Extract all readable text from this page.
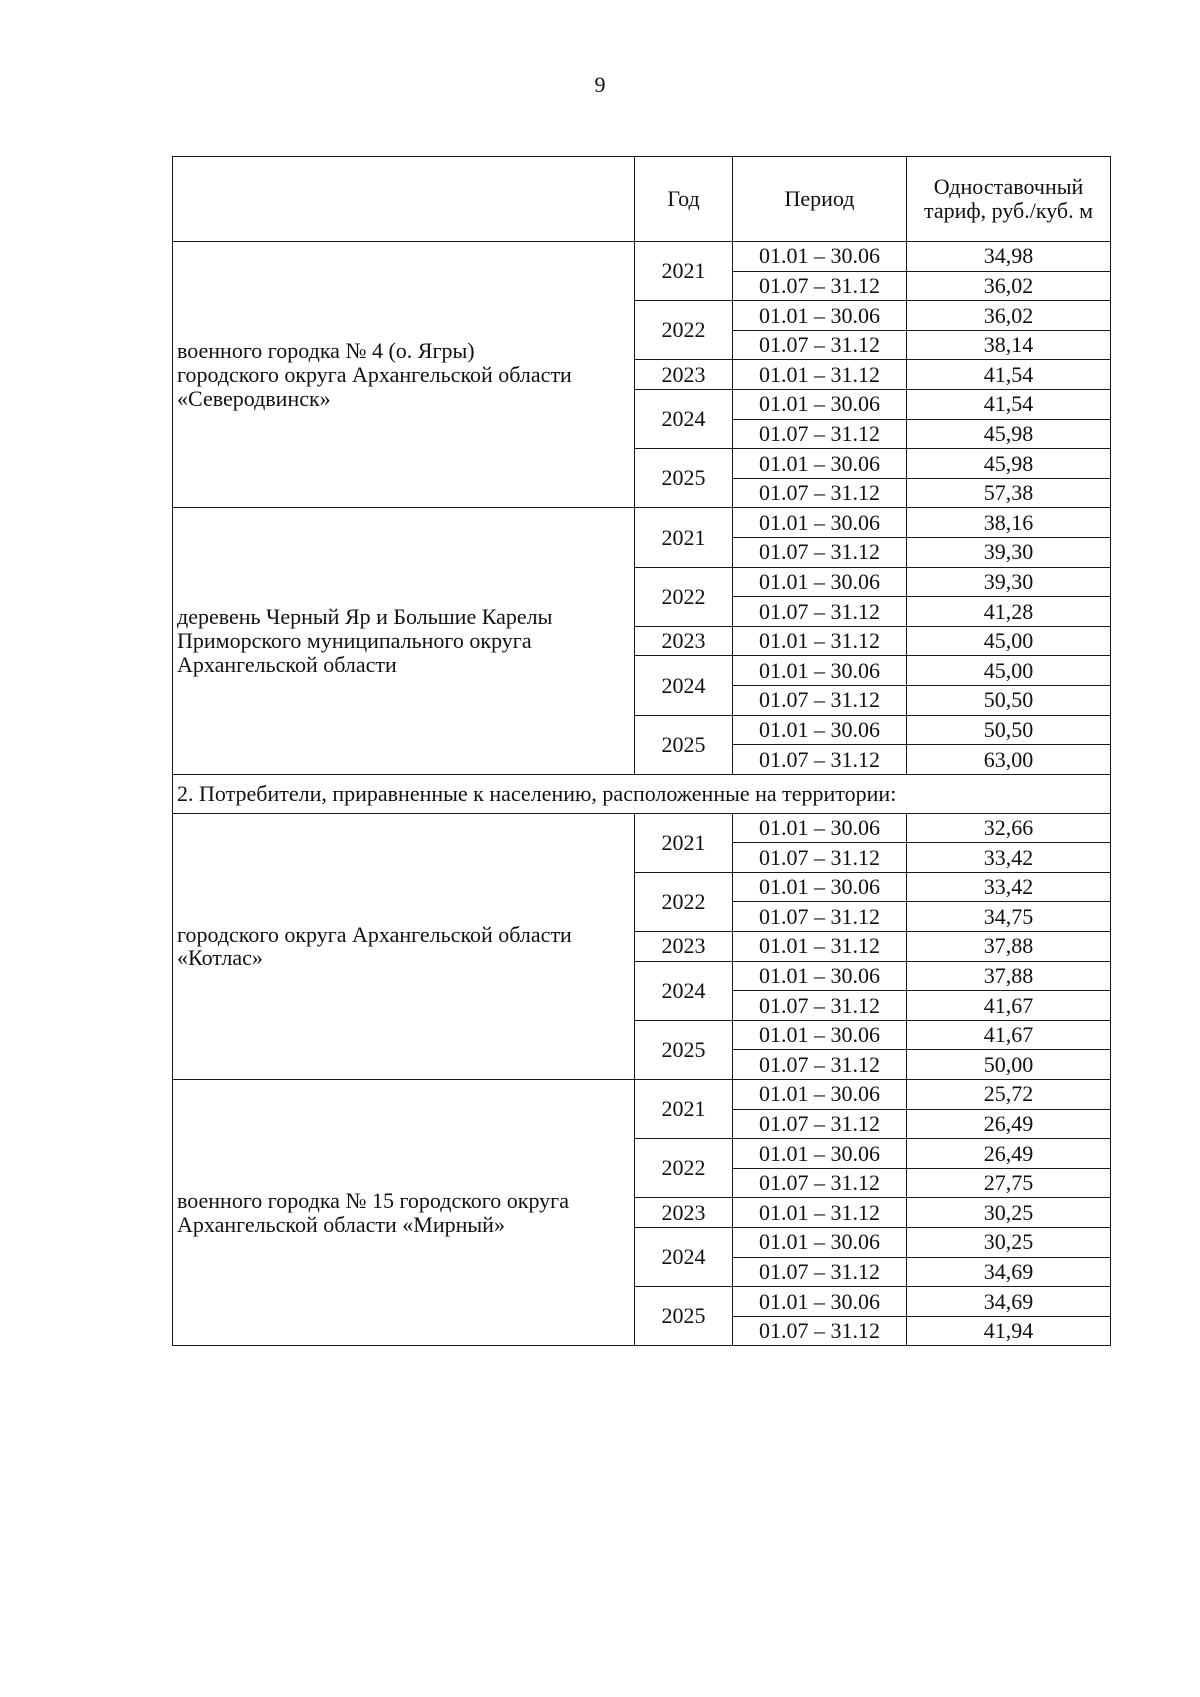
9
	Год	Период	Одноставочный тариф, руб./куб. м
военного городка № 4 (о. Ягры)
городского округа Архангельской области
«Северодвинск»	2021	01.01 – 30.06	34,98
		01.07 – 31.12	36,02
	2022	01.01 – 30.06	36,02
		01.07 – 31.12	38,14
	2023	01.01 – 31.12	41,54
	2024	01.01 – 30.06	41,54
		01.07 – 31.12	45,98
	2025	01.01 – 30.06	45,98
		01.07 – 31.12	57,38
деревень Черный Яр и Большие Карелы
Приморского муниципального округа
Архангельской области	2021	01.01 – 30.06	38,16
		01.07 – 31.12	39,30
	2022	01.01 – 30.06	39,30
		01.07 – 31.12	41,28
	2023	01.01 – 31.12	45,00
	2024	01.01 – 30.06	45,00
		01.07 – 31.12	50,50
	2025	01.01 – 30.06	50,50
		01.07 – 31.12	63,00
2. Потребители, приравненные к населению, расположенные на территории:			
городского округа Архангельской области
«Котлас»	2021	01.01 – 30.06	32,66
		01.07 – 31.12	33,42
	2022	01.01 – 30.06	33,42
		01.07 – 31.12	34,75
	2023	01.01 – 31.12	37,88
	2024	01.01 – 30.06	37,88
		01.07 – 31.12	41,67
	2025	01.01 – 30.06	41,67
		01.07 – 31.12	50,00
военного городка № 15 городского округа
Архангельской области «Мирный»	2021	01.01 – 30.06	25,72
		01.07 – 31.12	26,49
	2022	01.01 – 30.06	26,49
		01.07 – 31.12	27,75
	2023	01.01 – 31.12	30,25
	2024	01.01 – 30.06	30,25
		01.07 – 31.12	34,69
	2025	01.01 – 30.06	34,69
		01.07 – 31.12	41,94
